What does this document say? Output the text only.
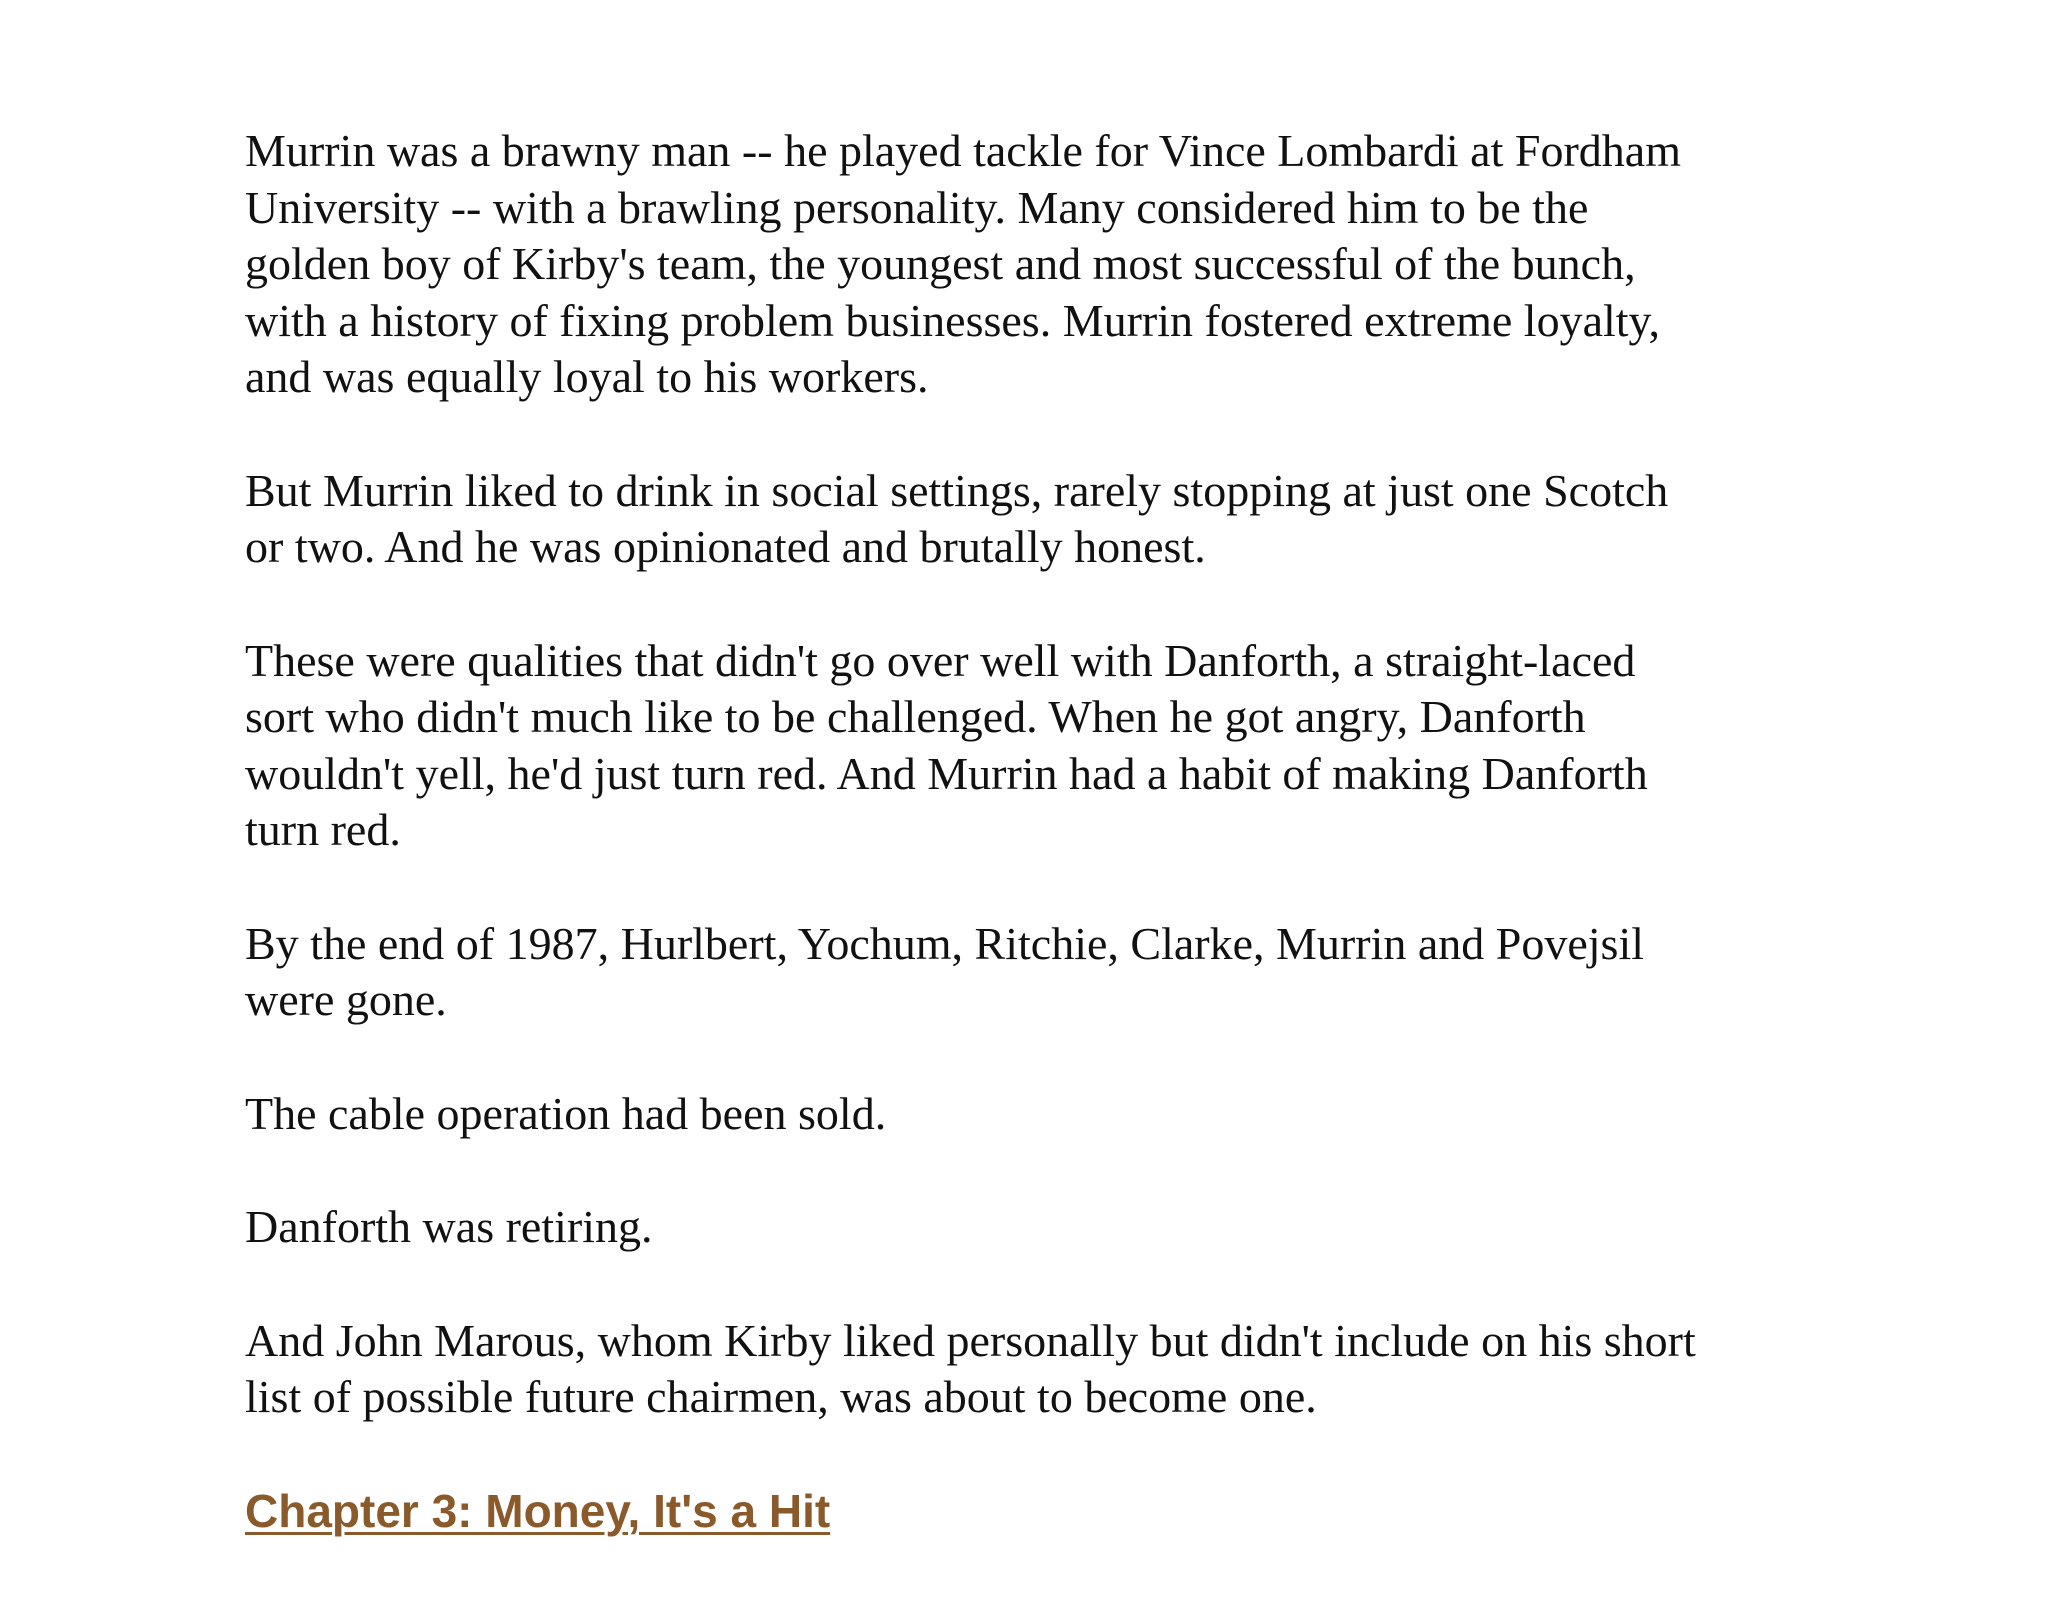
Murrin was a brawny man -- he played tackle for Vince Lombardi at Fordham University -- with a brawling personality. Many considered him to be the golden boy of Kirby's team, the youngest and most successful of the bunch, with a history of fixing problem businesses. Murrin fostered extreme loyalty, and was equally loyal to his workers.

But Murrin liked to drink in social settings, rarely stopping at just one Scotch or two. And he was opinionated and brutally honest.

These were qualities that didn't go over well with Danforth, a straight-laced sort who didn't much like to be challenged. When he got angry, Danforth wouldn't yell, he'd just turn red. And Murrin had a habit of making Danforth turn red.

By the end of 1987, Hurlbert, Yochum, Ritchie, Clarke, Murrin and Povejsil were gone.

The cable operation had been sold.

Danforth was retiring.

And John Marous, whom Kirby liked personally but didn't include on his short list of possible future chairmen, was about to become one.

Chapter 3: Money, It's a Hit
